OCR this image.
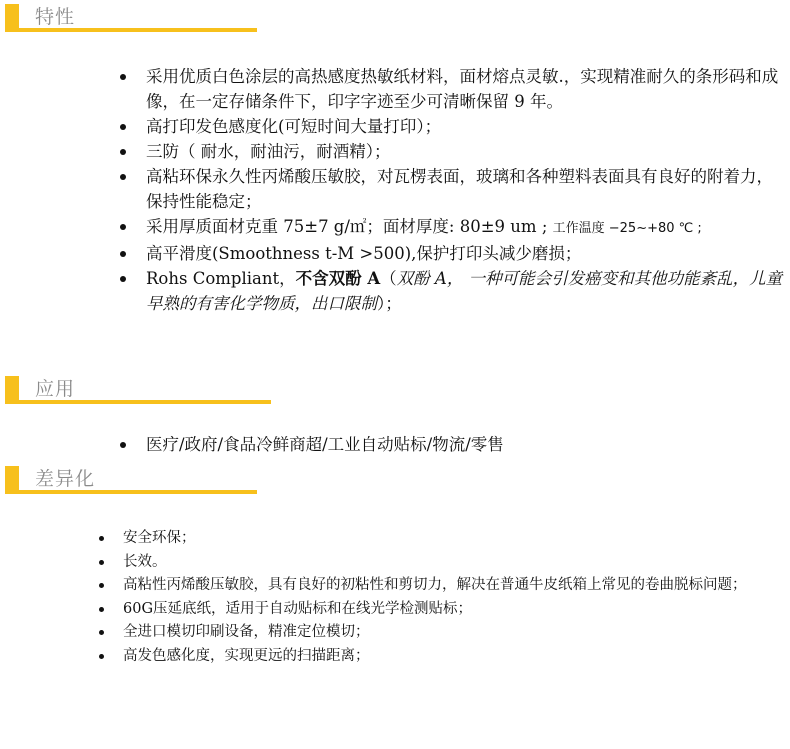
特性
采用优质白色涂层的高热感度热敏纸材料，面材熔点灵敏.，实现精准耐久的条形码和成像，在一定存储条件下，印字字迹至少可清晰保留 9 年。
高打印发色感度化(可短时间大量打印）；
三防（ 耐水，耐油污，耐酒精）；
高粘环保永久性丙烯酸压敏胶，对瓦楞表面，玻璃和各种塑料表面具有良好的附着力，保持性能稳定；
采用厚质面材克重 75±7 g/㎡；面材厚度: 80±9 um ; 工作温度 −25~+80 ℃ ;
高平滑度(Smoothness t-M >500),保护打印头减少磨损；
Rohs Compliant，不含双酚 A（双酚 A， 一种可能会引发癌变和其他功能紊乱，儿童早熟的有害化学物质，出口限制）；
应用
医疗/政府/食品冷鲜商超/工业自动贴标/物流/零售
差异化
安全环保；
长效。
高粘性丙烯酸压敏胶，具有良好的初粘性和剪切力，解决在普通牛皮纸箱上常见的卷曲脱标问题；
60G压延底纸，适用于自动贴标和在线光学检测贴标；
全进口模切印刷设备，精准定位模切；
高发色感化度，实现更远的扫描距离；
